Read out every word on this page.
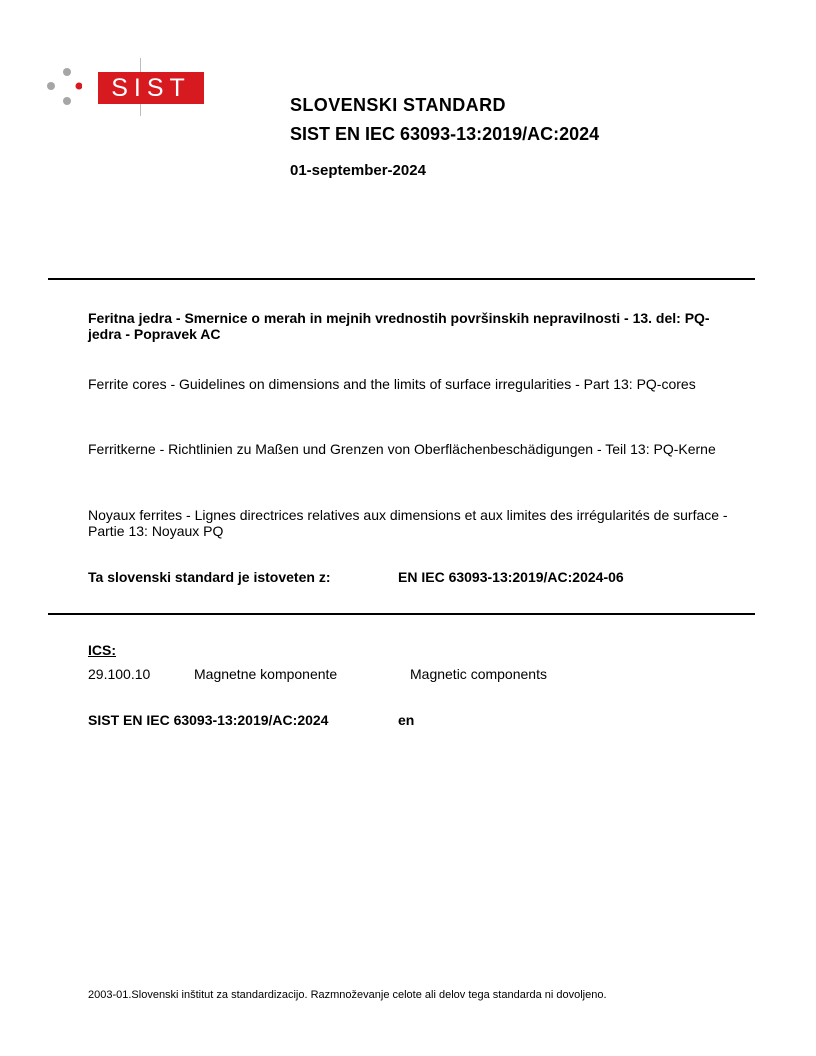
SIST
SLOVENSKI STANDARD
SIST EN IEC 63093-13:2019/AC:2024
01-september-2024
Feritna jedra - Smernice o merah in mejnih vrednostih površinskih nepravilnosti - 13. del: PQ-jedra - Popravek AC
Ferrite cores - Guidelines on dimensions and the limits of surface irregularities - Part 13: PQ-cores
Ferritkerne - Richtlinien zu Maßen und Grenzen von Oberflächenbeschädigungen - Teil 13: PQ-Kerne
Noyaux ferrites - Lignes directrices relatives aux dimensions et aux limites des irrégularités de surface - Partie 13: Noyaux PQ
Ta slovenski standard je istoveten z:	EN IEC 63093-13:2019/AC:2024-06
ICS:
29.100.10	Magnetne komponente	Magnetic components
SIST EN IEC 63093-13:2019/AC:2024	en
2003-01.Slovenski inštitut za standardizacijo. Razmnoževanje celote ali delov tega standarda ni dovoljeno.
